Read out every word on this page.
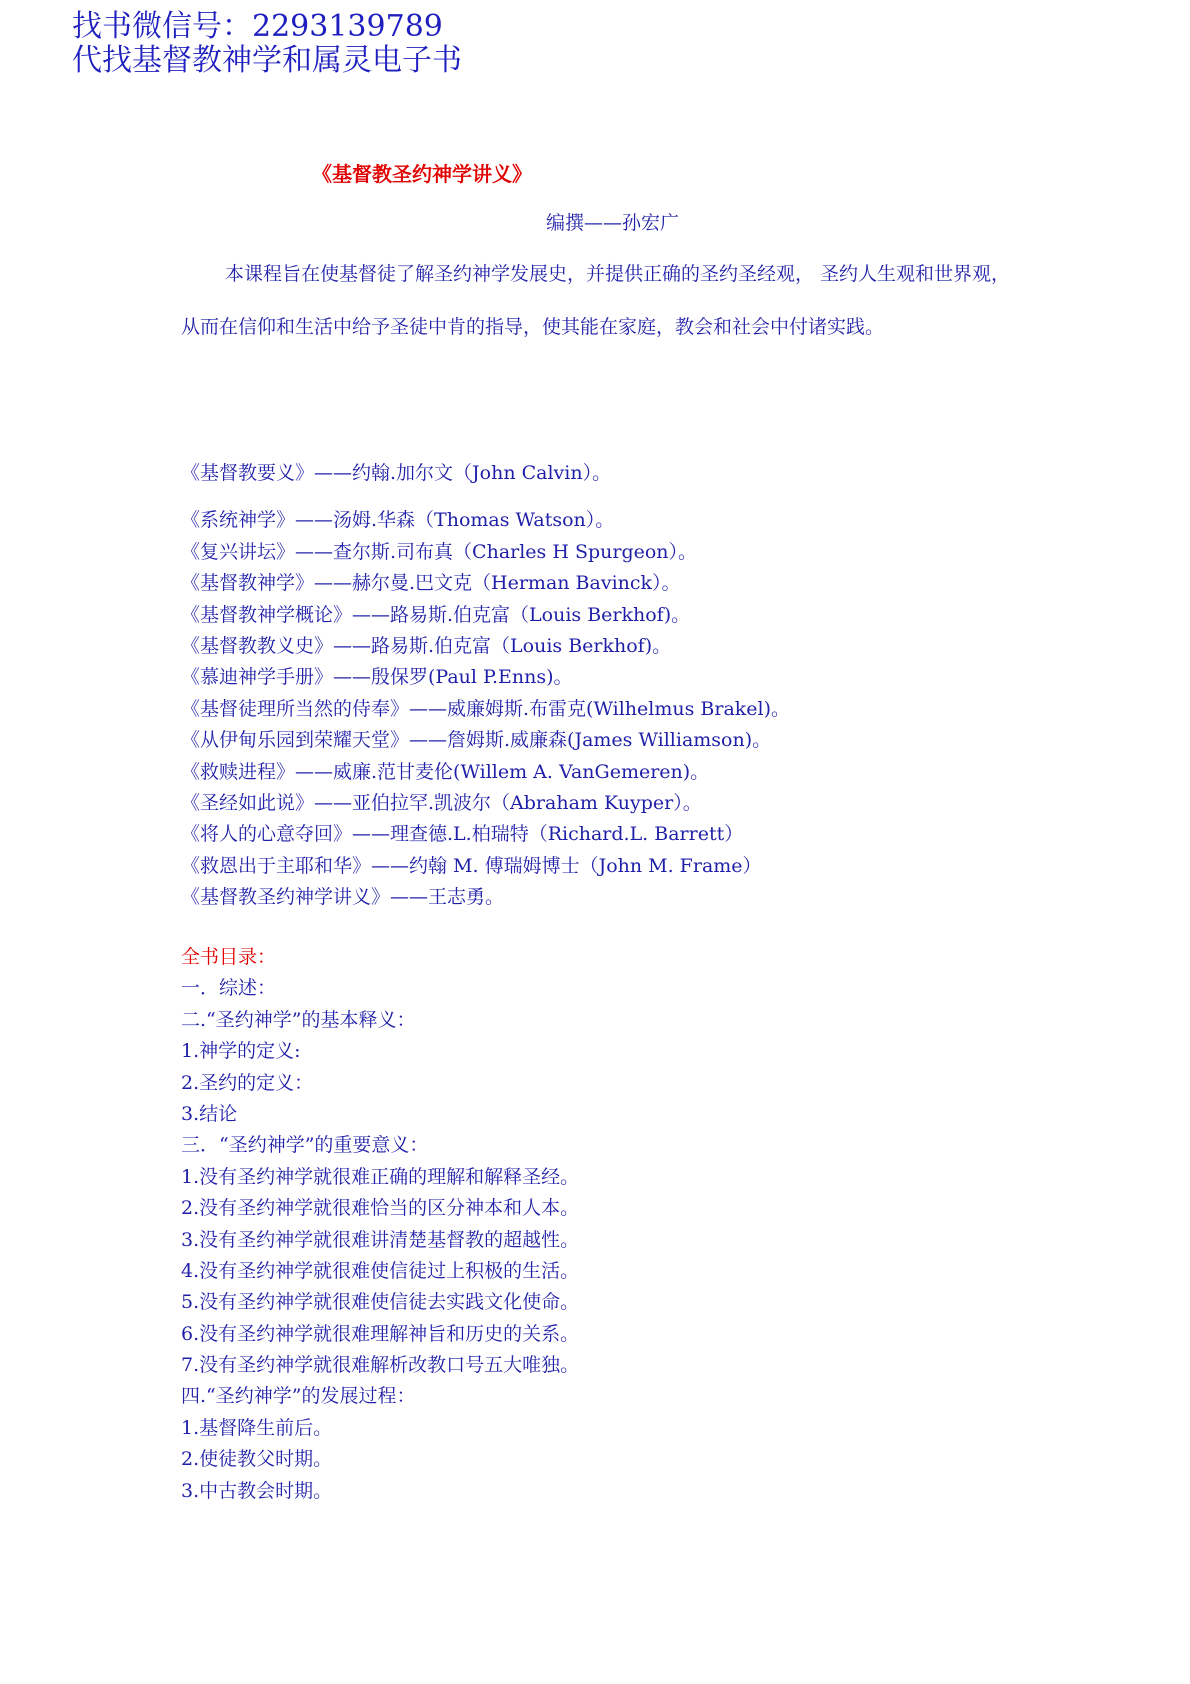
找书微信号：2293139789
代找基督教神学和属灵电子书
《基督教圣约神学讲义》
编撰——孙宏广

本课程旨在使基督徒了解圣约神学发展史，并提供正确的圣约圣经观， 圣约人生观和世界观，从而在信仰和生活中给予圣徒中肯的指导，使其能在家庭，教会和社会中付诸实践。

《基督教要义》——约翰.加尔文（John Calvin）。
《系统神学》——汤姆.华森（Thomas Watson）。
《复兴讲坛》——查尔斯.司布真（Charles H Spurgeon）。
《基督教神学》——赫尔曼.巴文克（Herman Bavinck）。
《基督教神学概论》——路易斯.伯克富（Louis Berkhof)。
《基督教教义史》——路易斯.伯克富（Louis Berkhof)。
《慕迪神学手册》——殷保罗(Paul P.Enns)。
《基督徒理所当然的侍奉》——威廉姆斯.布雷克(Wilhelmus Brakel)。
《从伊甸乐园到荣耀天堂》——詹姆斯.威廉森(James Williamson)。
《救赎进程》——威廉.范甘麦伦(Willem A. VanGemeren)。
《圣经如此说》——亚伯拉罕.凯波尔（Abraham Kuyper）。
《将人的心意夺回》——理查德.L.柏瑞特（Richard.L. Barrett）
《救恩出于主耶和华》——约翰 M. 傅瑞姆博士（John M. Frame）
《基督教圣约神学讲义》——王志勇。
全书目录：
一．综述：
二.“圣约神学”的基本释义：
1.神学的定义:
2.圣约的定义：
3.结论
三．“圣约神学”的重要意义：
1.没有圣约神学就很难正确的理解和解释圣经。
2.没有圣约神学就很难恰当的区分神本和人本。
3.没有圣约神学就很难讲清楚基督教的超越性。
4.没有圣约神学就很难使信徒过上积极的生活。
5.没有圣约神学就很难使信徒去实践文化使命。
6.没有圣约神学就很难理解神旨和历史的关系。
7.没有圣约神学就很难解析改教口号五大唯独。
四.“圣约神学”的发展过程：
1.基督降生前后。
2.使徒教父时期。
3.中古教会时期。
